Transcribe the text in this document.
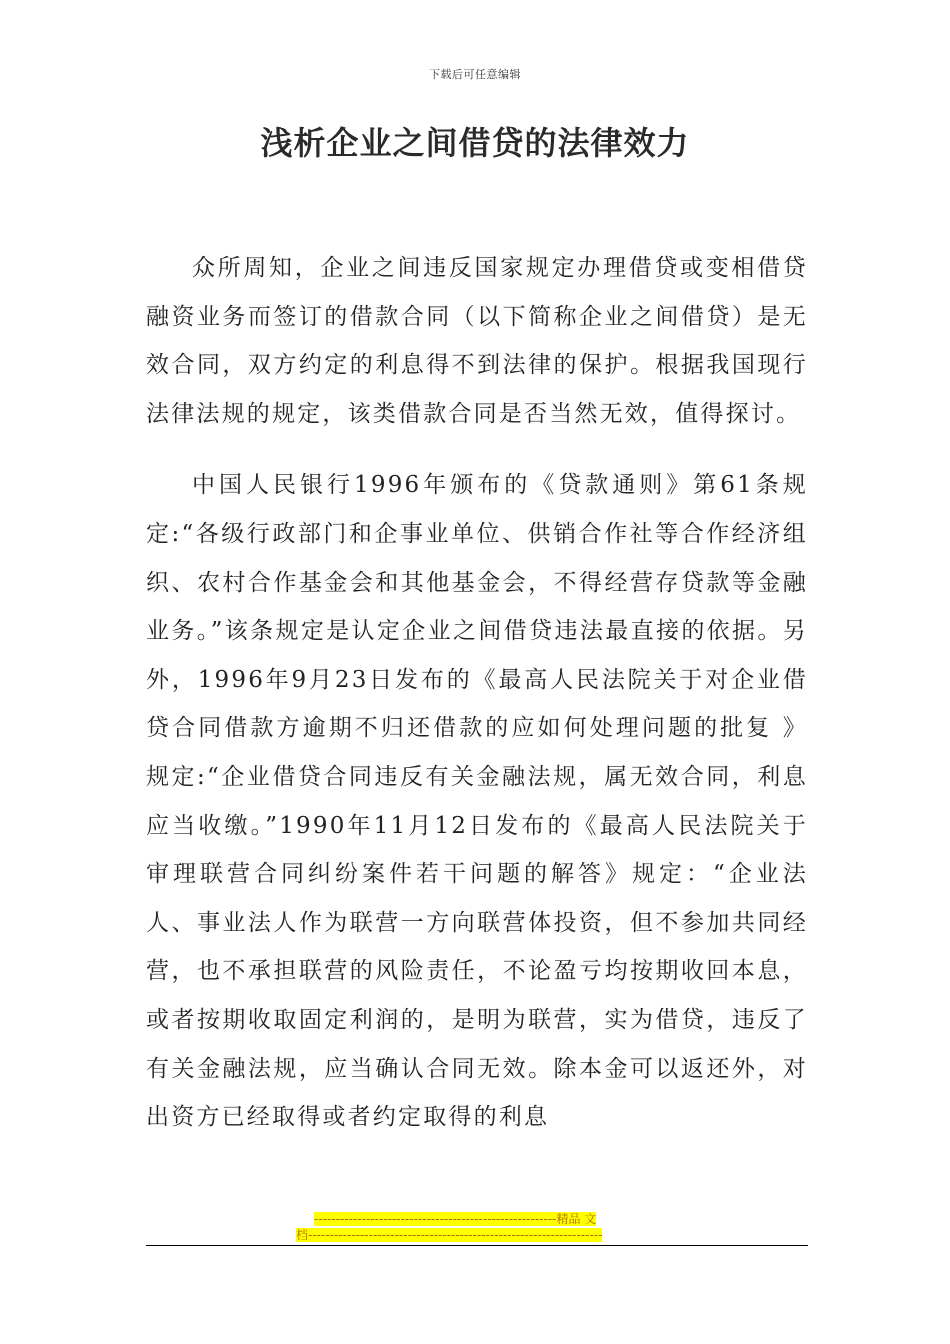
下载后可任意编辑
浅析企业之间借贷的法律效力

众所周知，企业之间违反国家规定办理借贷或变相借贷融资业务而签订的借款合同（以下简称企业之间借贷）是无效合同，双方约定的利息得不到法律的保护。根据我国现行法律法规的规定，该类借款合同是否当然无效，值得探讨。

中国人民银行1996年颁布的《贷款通则》第61条规定:“各级行政部门和企事业单位、供销合作社等合作经济组织、农村合作基金会和其他基金会，不得经营存贷款等金融业务。”该条规定是认定企业之间借贷违法最直接的依据。另外，1996年9月23日发布的《最高人民法院关于对企业借贷合同借款方逾期不归还借款的应如何处理问题的批复 》规定:“企业借贷合同违反有关金融法规，属无效合同，利息应当收缴。”1990年11月12日发布的《最高人民法院关于审理联营合同纠纷案件若干问题的解答》规定：“企业法人、事业法人作为联营一方向联营体投资，但不参加共同经营，也不承担联营的风险责任，不论盈亏均按期收回本息，或者按期收取固定利润的，是明为联营，实为借贷，违反了有关金融法规，应当确认合同无效。除本金可以返还外，对出资方已经取得或者约定取得的利息

--------------------------------------------------------精品 文
档--------------------------------------------------------------------
